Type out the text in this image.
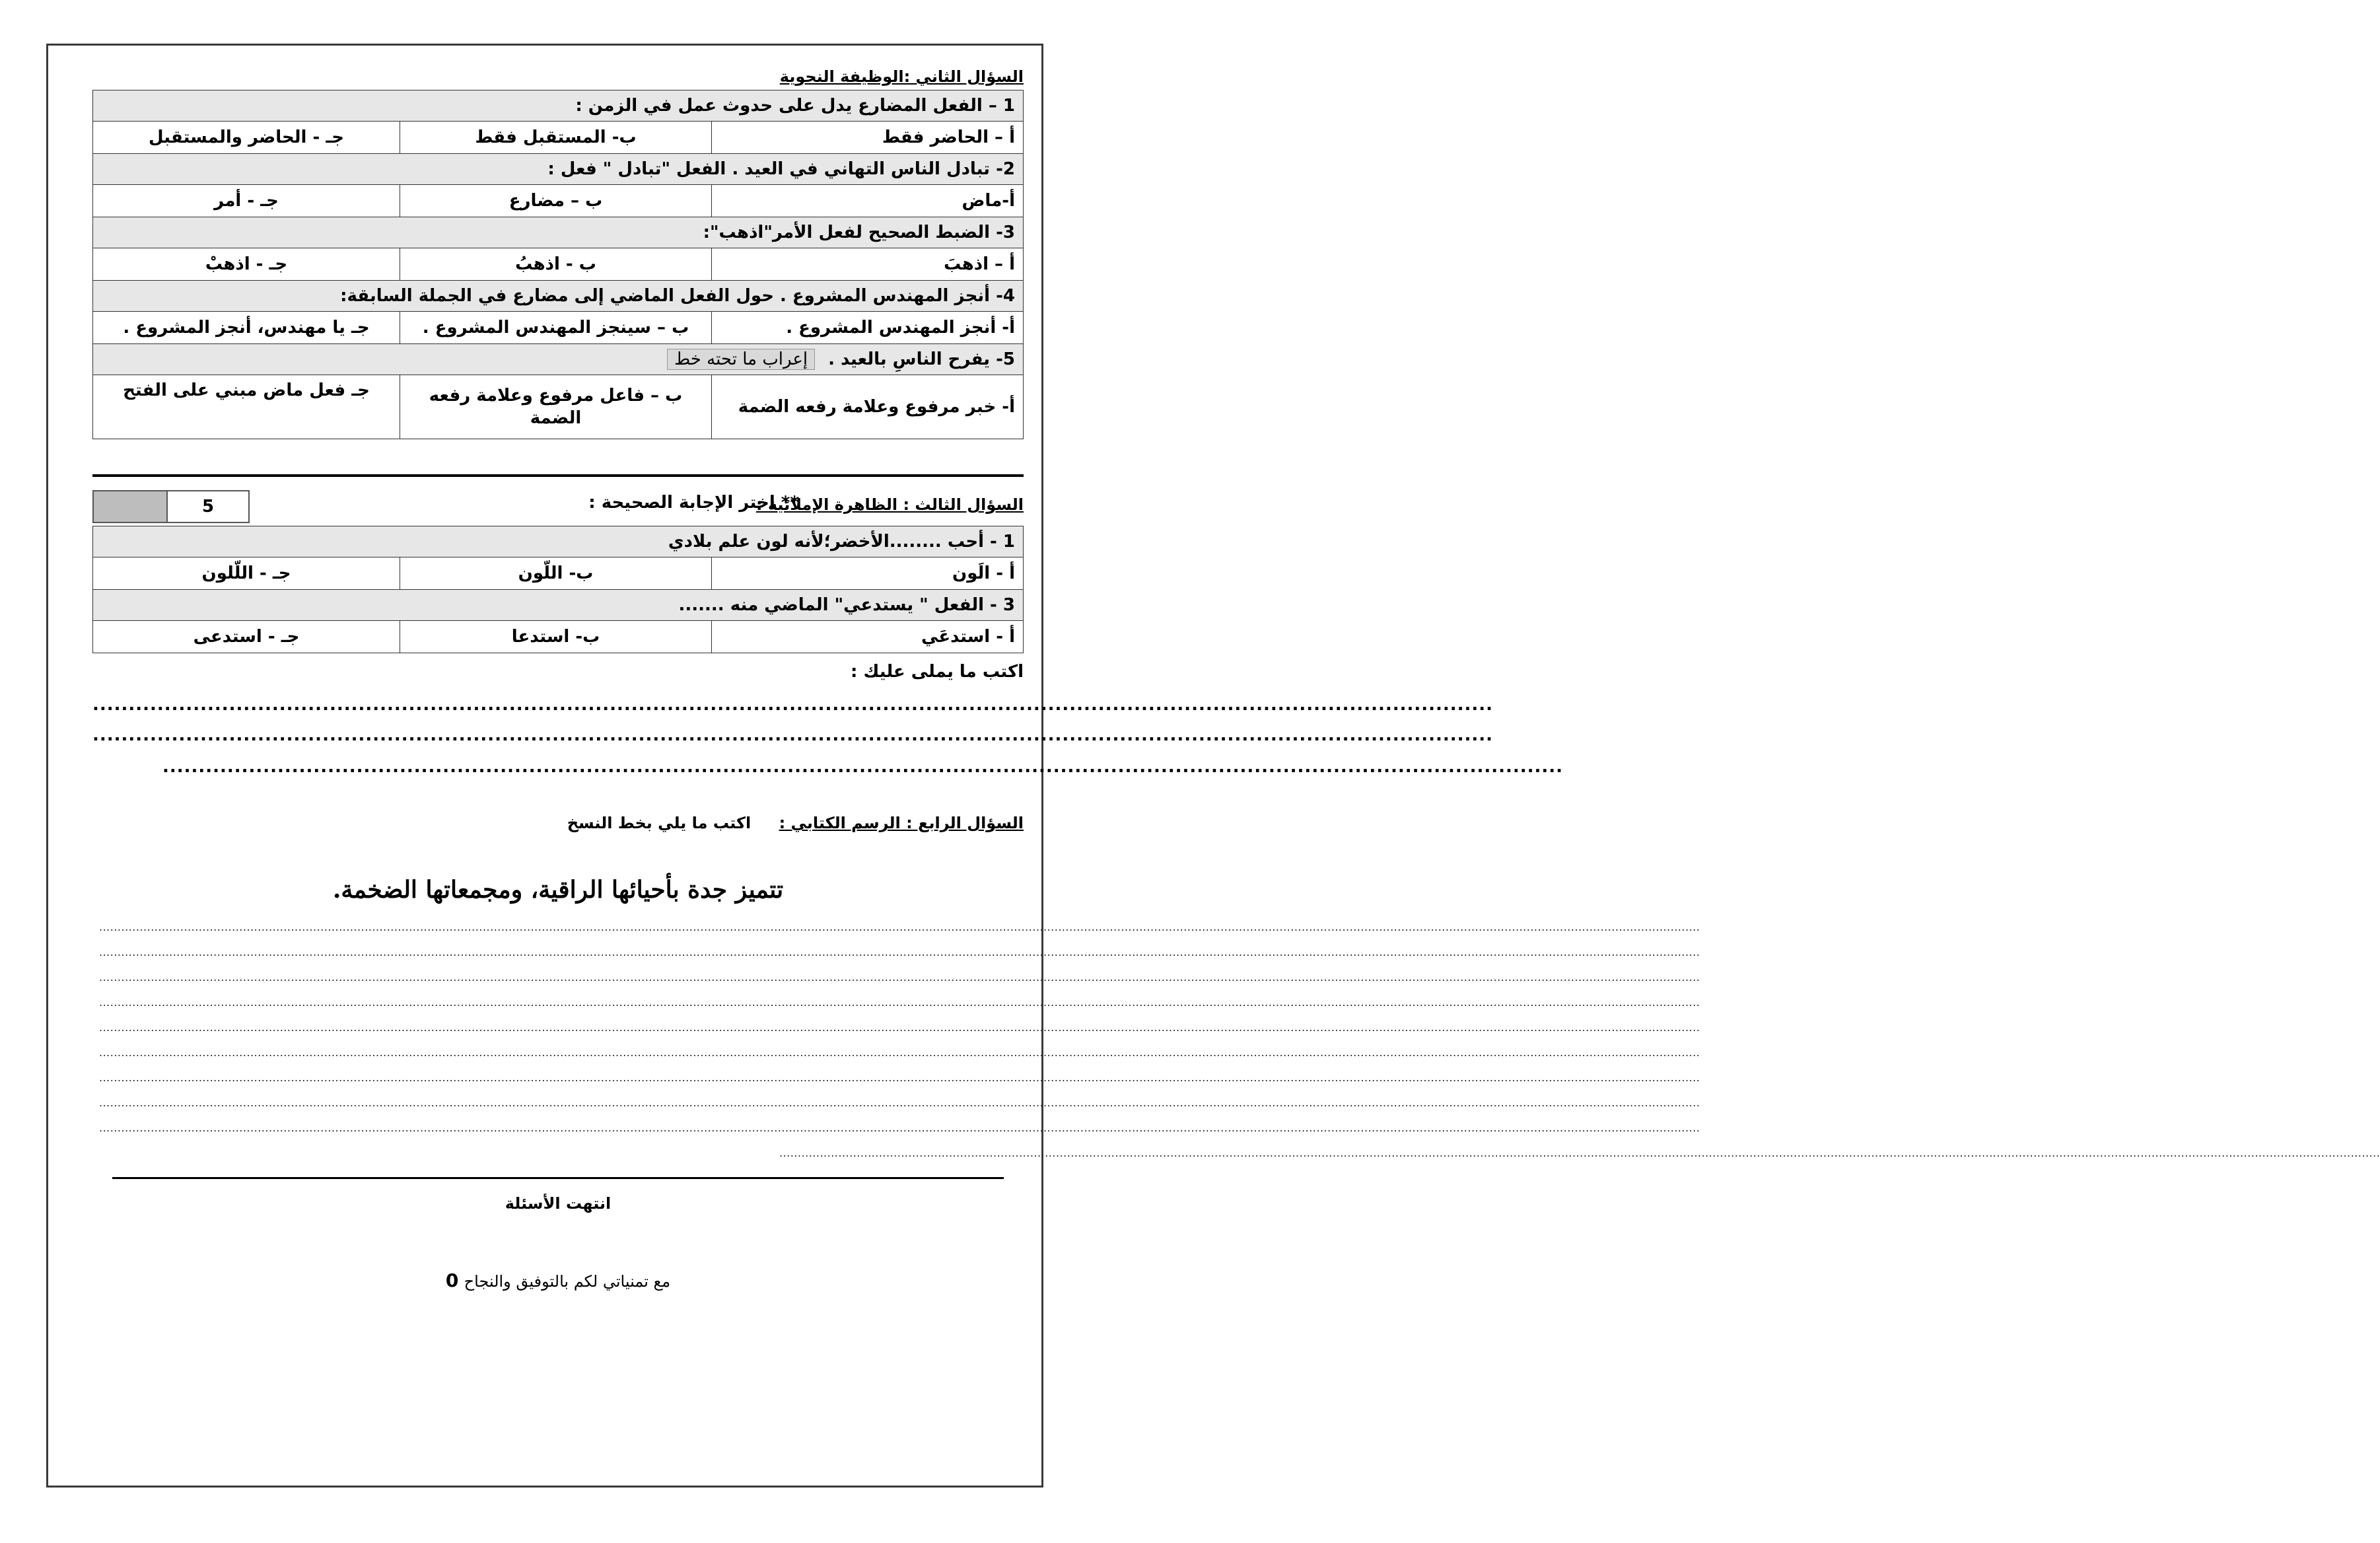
السؤال الثاني :الوظيفة النحوية
1 – الفعل المضارع يدل على حدوث عمل في الزمن :		
أ – الحاضر فقط	ب- المستقبل فقط	جـ - الحاضر والمستقبل
2- تبادل الناس التهاني في العيد . الفعل "تبادل " فعل :		
أ-ماض	ب – مضارع	جـ - أمر
3- الضبط الصحيح لفعل الأمر"اذهب":		
أ – اذهبَ	ب - اذهبُ	جـ - اذهبْ
4- أنجز المهندس المشروع . حول الفعل الماضي إلى مضارع في الجملة السابقة:		
أ- أنجز المهندس المشروع .	ب – سينجز المهندس المشروع .	جـ يا مهندس، أنجز المشروع .

5- يفرح الناسِ بالعيد .
إعراب ما تحته خط		

أ- خبر مرفوع وعلامة رفعه الضمة	ب – فاعل مرفوع وعلامة رفعه الضمة	جـ فعل ماض مبني على الفتح
السؤال الثالث : الظاهرة الإملائية :
** اختر الإجابة الصحيحة :
5
1 - أحب ........الأخضر؛لأنه لون علم بلادي		
أ - الَون	ب- اللّون	جـ - اللّلون
3 - الفعل " يستدعي" الماضي منه .......		
أ - استدعَي	ب- استدعا	جـ - استدعى
اكتب ما يملى عليك :
...................................................................................................................................................................................................
...................................................................................................................................................................................................
...................................................................................................................................................................................................
السؤال الرابع : الرسم الكتابي : اكتب ما يلي بخط النسخ
تتميز جدة بأحيائها الراقية، ومجمعاتها الضخمة.
..................................................................................................................................................................................................................................................................................................................................................................................................................................................
..................................................................................................................................................................................................................................................................................................................................................................................................................................................
..................................................................................................................................................................................................................................................................................................................................................................................................................................................
..................................................................................................................................................................................................................................................................................................................................................................................................................................................
..................................................................................................................................................................................................................................................................................................................................................................................................................................................
..................................................................................................................................................................................................................................................................................................................................................................................................................................................
..................................................................................................................................................................................................................................................................................................................................................................................................................................................
..................................................................................................................................................................................................................................................................................................................................................................................................................................................
..................................................................................................................................................................................................................................................................................................................................................................................................................................................
..................................................................................................................................................................................................................................................................................................................................................................................................................................................
انتهت الأسئلة
مع تمنياتي لكم بالتوفيق والنجاح 0
